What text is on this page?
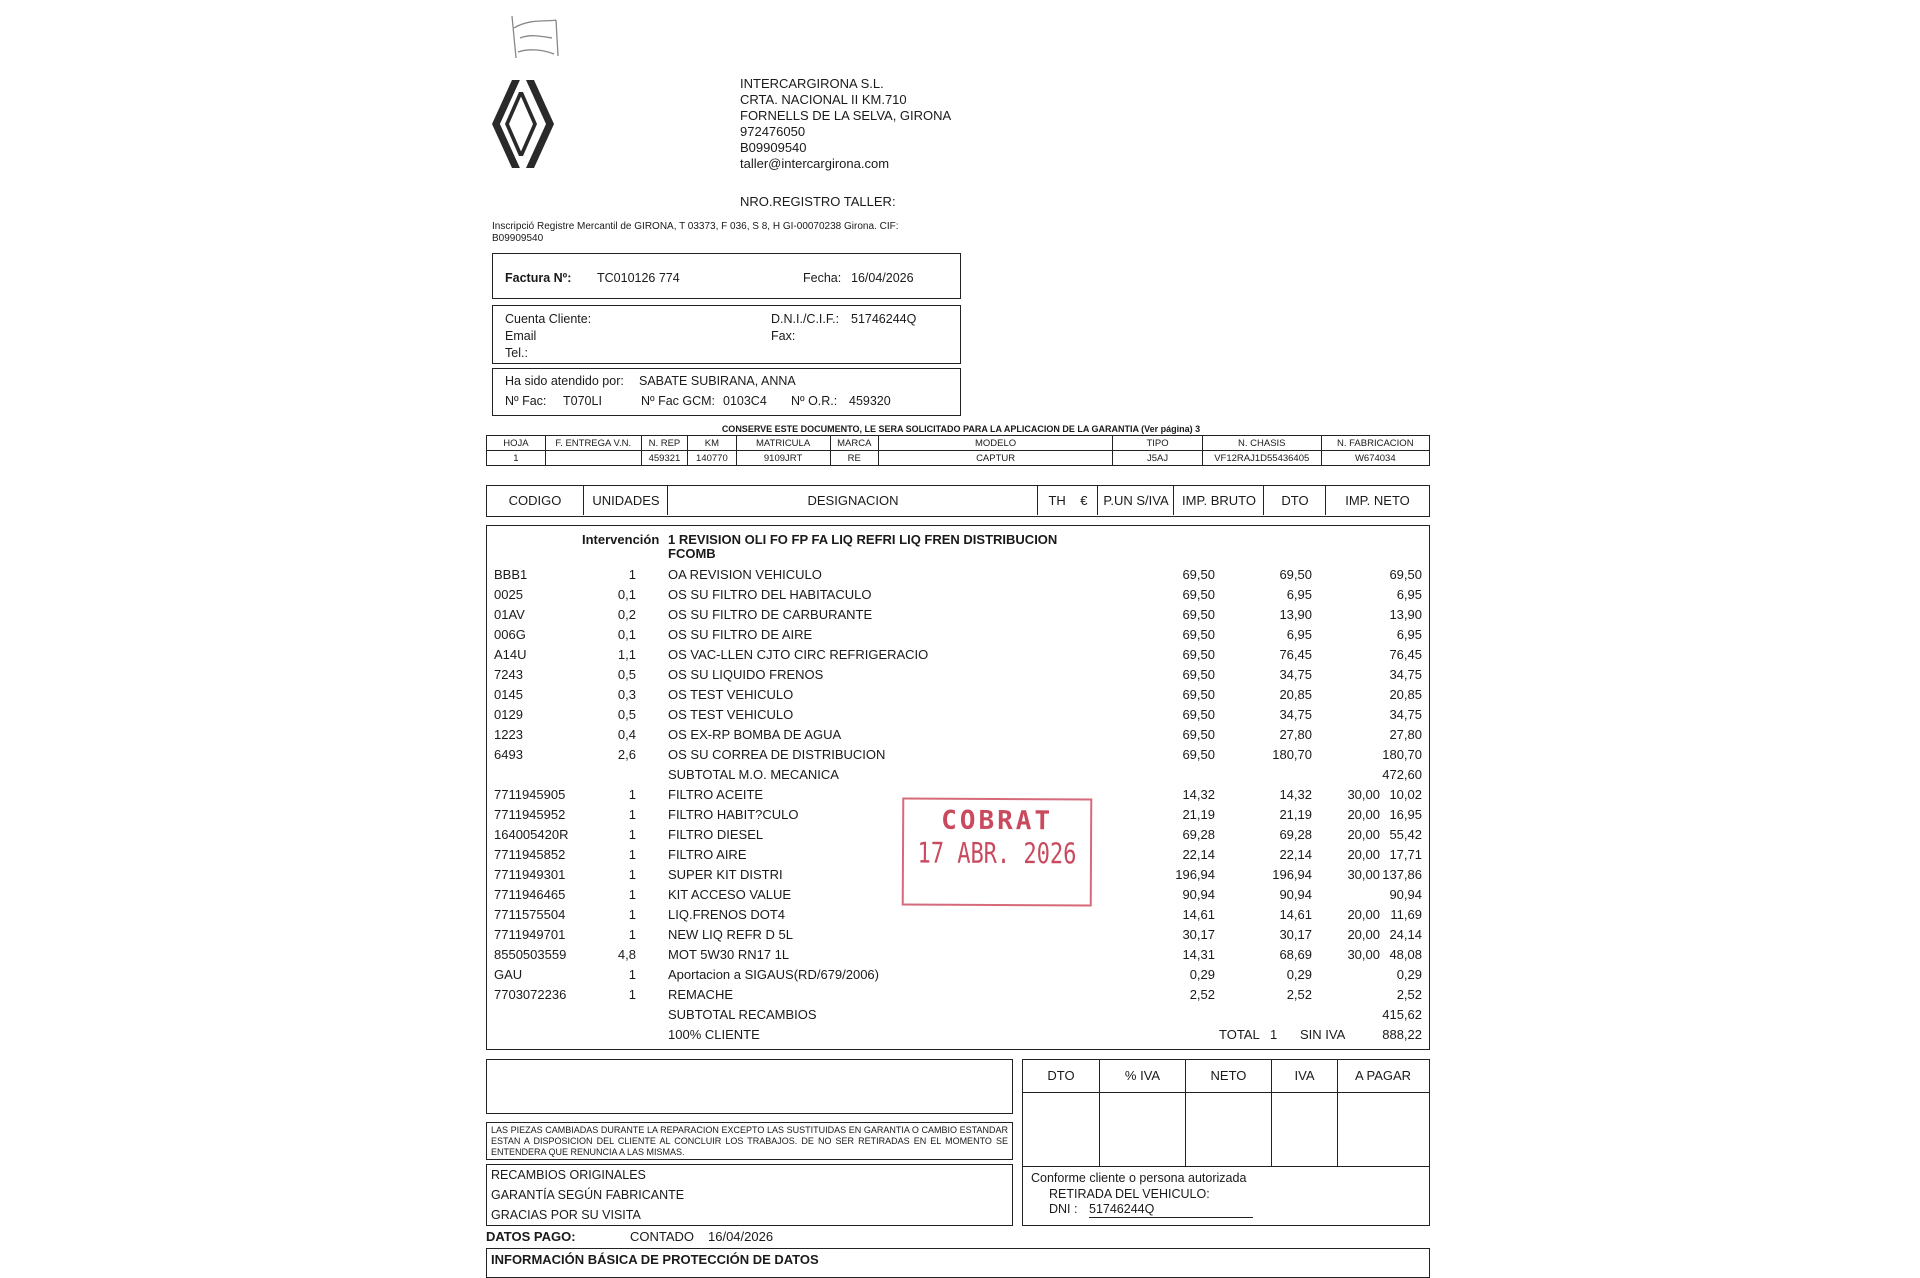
INTERCARGIRONA S.L.
CRTA. NACIONAL II KM.710
FORNELLS DE LA SELVA, GIRONA
972476050
B09909540
taller@intercargirona.com
NRO.REGISTRO TALLER:
Inscripció Registre Mercantil de GIRONA, T 03373, F 036, S 8, H GI-00070238 Girona. CIF:
B09909540
Factura Nº: TC010126 774	Fecha: 16/04/2026
Cuenta Cliente:
Email
Tel.:
D.N.I./C.I.F.: 51746244Q
Fax:
Ha sido atendido por: SABATE SUBIRANA, ANNA
Nº Fac: T070LI	Nº Fac GCM: 0103C4 Nº O.R.: 459320
CONSERVE ESTE DOCUMENTO, LE SERA SOLICITADO PARA LA APLICACION DE LA GARANTIA (Ver página) 3
HOJA	F. ENTREGA V.N.	N. REP	KM	MATRICULA	MARCA	MODELO	TIPO	N. CHASIS	N. FABRICACION
1		459321	140770	9109JRT	RE	CAPTUR	J5AJ	VF12RAJ1D55436405	W674034
CODIGO	UNIDADES	DESIGNACION	TH €	P.UN S/IVA	IMP. BRUTO	DTO	IMP. NETO
Intervención 1 REVISION OLI FO FP FA LIQ REFRI LIQ FREN DISTRIBUCION
FCOMB
BBB1	1 OA REVISION VEHICULO	69,50	69,50	69,50
0025	0,1 OS SU FILTRO DEL HABITACULO	69,50	6,95	6,95
01AV	0,2 OS SU FILTRO DE CARBURANTE	69,50	13,90	13,90
006G	0,1 OS SU FILTRO DE AIRE	69,50	6,95	6,95
A14U	1,1 OS VAC-LLEN CJTO CIRC REFRIGERACIO	69,50	76,45	76,45
7243	0,5 OS SU LIQUIDO FRENOS	69,50	34,75	34,75
0145	0,3 OS TEST VEHICULO	69,50	20,85	20,85
0129	0,5 OS TEST VEHICULO	69,50	34,75	34,75
1223	0,4 OS EX-RP BOMBA DE AGUA	69,50	27,80	27,80
6493	2,6 OS SU CORREA DE DISTRIBUCION	69,50	180,70	180,70
SUBTOTAL M.O. MECANICA	472,60
7711945905	1 FILTRO ACEITE	14,32	14,32	30,00 10,02
7711945952	1 FILTRO HABIT?CULO	21,19	21,19	20,00 16,95
164005420R	1 FILTRO DIESEL	69,28	69,28	20,00 55,42
7711945852	1 FILTRO AIRE	22,14	22,14	20,00 17,71
7711949301	1 SUPER KIT DISTRI	196,94	196,94	30,00 137,86
7711946465	1 KIT ACCESO VALUE	90,94	90,94	90,94
7711575504	1 LIQ.FRENOS DOT4	14,61	14,61	20,00 11,69
7711949701	1 NEW LIQ REFR D 5L	30,17	30,17	20,00 24,14
8550503559	4,8 MOT 5W30 RN17 1L	14,31	68,69	30,00 48,08
GAU	1 Aportacion a SIGAUS(RD/679/2006)	0,29	0,29	0,29
7703072236	1 REMACHE	2,52	2,52	2,52
SUBTOTAL RECAMBIOS	415,62
100% CLIENTE	TOTAL 1 SIN IVA	888,22
COBRAT
17 ABR. 2026
LAS PIEZAS CAMBIADAS DURANTE LA REPARACION EXCEPTO LAS SUSTITUIDAS EN GARANTIA O CAMBIO ESTANDAR ESTAN A DISPOSICION DEL CLIENTE AL CONCLUIR LOS TRABAJOS. DE NO SER RETIRADAS EN EL MOMENTO SE ENTENDERA QUE RENUNCIA A LAS MISMAS.
RECAMBIOS ORIGINALES
GARANTÍA SEGÚN FABRICANTE
GRACIAS POR SU VISITA
DTO	% IVA	NETO	IVA	A PAGAR
Conforme cliente o persona autorizada
RETIRADA DEL VEHICULO:
DNI : 51746244Q
DATOS PAGO:	CONTADO 16/04/2026
INFORMACIÓN BÁSICA DE PROTECCIÓN DE DATOS
